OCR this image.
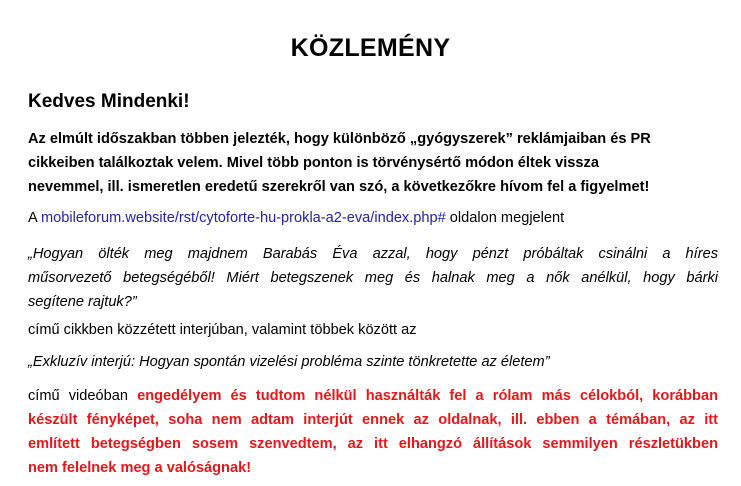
KÖZLEMÉNY
Kedves Mindenki!
Az elmúlt időszakban többen jelezték, hogy különböző „gyógyszerek” reklámjaiban és PR
cikkeiben találkoztak velem. Mivel több ponton is törvénysértő módon éltek vissza
nevemmel, ill. ismeretlen eredetű szerekről van szó, a következőkre hívom fel a figyelmet!
A mobileforum.website/rst/cytoforte-hu-prokla-a2-eva/index.php# oldalon megjelent
„Hogyan ölték meg majdnem Barabás Éva azzal, hogy pénzt próbáltak csinálni a híres
műsorvezető betegségéből! Miért betegszenek meg és halnak meg a nők anélkül, hogy bárki
segítene rajtuk?”
című cikkben közzétett interjúban, valamint többek között az
„Exkluzív interjú: Hogyan spontán vizelési probléma szinte tönkretette az életem”
című videóban engedélyem és tudtom nélkül használták fel a rólam más célokból, korábban
készült fényképet, soha nem adtam interjút ennek az oldalnak, ill. ebben a témában, az itt
említett betegségben sosem szenvedtem, az itt elhangzó állítások semmilyen részletükben
nem felelnek meg a valóságnak!
